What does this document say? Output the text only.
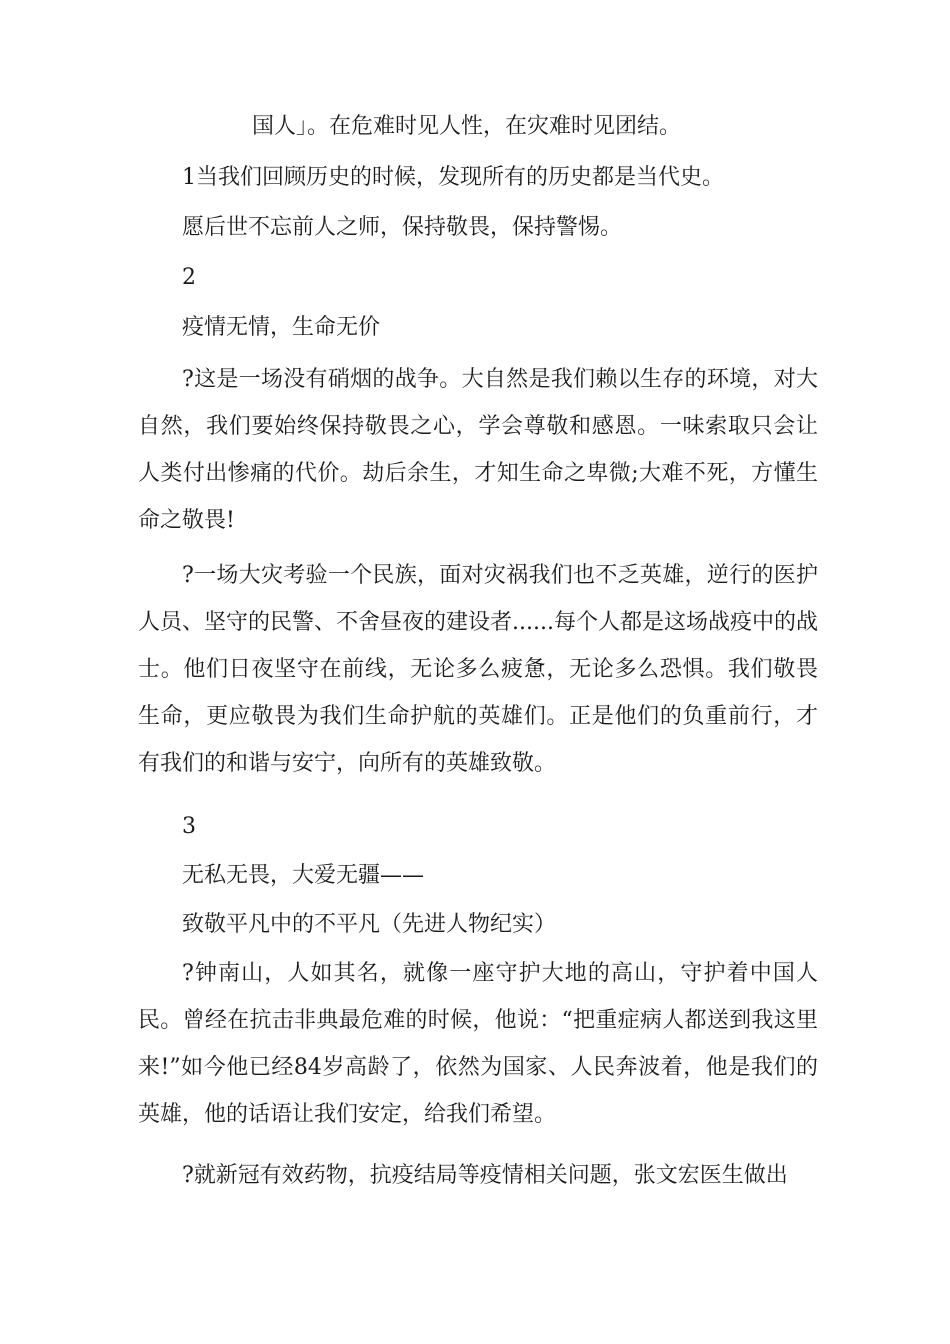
国人」。在危难时见人性，在灾难时见团结。
1当我们回顾历史的时候，发现所有的历史都是当代史。
愿后世不忘前人之师，保持敬畏，保持警惕。
2
疫情无情，生命无价

?这是一场没有硝烟的战争。大自然是我们赖以生存的环境，对大自然，我们要始终保持敬畏之心，学会尊敬和感恩。一味索取只会让人类付出惨痛的代价。劫后余生，才知生命之卑微;大难不死，方懂生命之敬畏!

?一场大灾考验一个民族，面对灾祸我们也不乏英雄，逆行的医护人员、坚守的民警、不舍昼夜的建设者......每个人都是这场战疫中的战士。他们日夜坚守在前线，无论多么疲惫，无论多么恐惧。我们敬畏生命，更应敬畏为我们生命护航的英雄们。正是他们的负重前行，才有我们的和谐与安宁，向所有的英雄致敬。

3
无私无畏，大爱无疆——
致敬平凡中的不平凡（先进人物纪实）

?钟南山，人如其名，就像一座守护大地的高山，守护着中国人民。曾经在抗击非典最危难的时候，他说：“把重症病人都送到我这里来!”如今他已经84岁高龄了，依然为国家、人民奔波着，他是我们的英雄，他的话语让我们安定，给我们希望。

?就新冠有效药物，抗疫结局等疫情相关问题，张文宏医生做出
